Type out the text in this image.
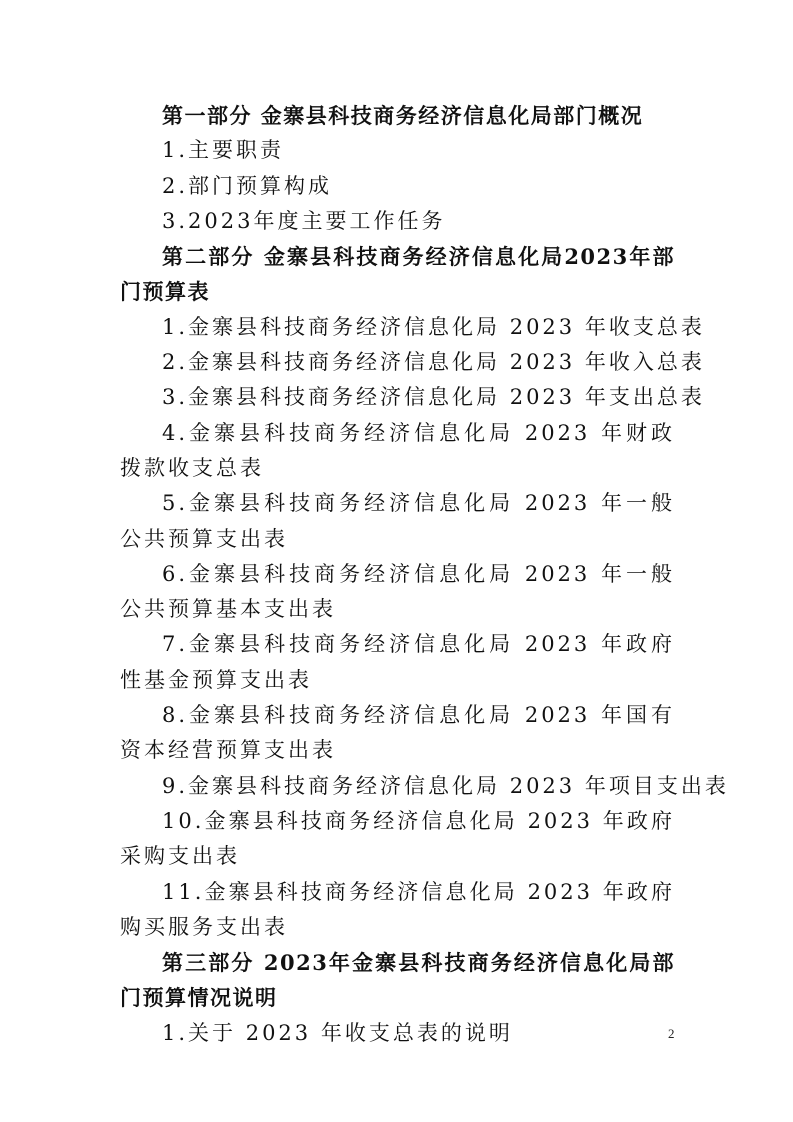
第一部分 金寨县科技商务经济信息化局部门概况
1.主要职责
2.部门预算构成
3.2023年度主要工作任务
第二部分 金寨县科技商务经济信息化局2023年部门预算表
1.金寨县科技商务经济信息化局 2023 年收支总表
2.金寨县科技商务经济信息化局 2023 年收入总表
3.金寨县科技商务经济信息化局 2023 年支出总表
4.金寨县科技商务经济信息化局 2023 年财政拨款收支总表
5.金寨县科技商务经济信息化局 2023 年一般公共预算支出表
6.金寨县科技商务经济信息化局 2023 年一般公共预算基本支出表
7.金寨县科技商务经济信息化局 2023 年政府性基金预算支出表
8.金寨县科技商务经济信息化局 2023 年国有资本经营预算支出表
9.金寨县科技商务经济信息化局 2023 年项目支出表
10.金寨县科技商务经济信息化局 2023 年政府采购支出表
11.金寨县科技商务经济信息化局 2023 年政府购买服务支出表
第三部分 2023年金寨县科技商务经济信息化局部门预算情况说明
1.关于 2023 年收支总表的说明	2
